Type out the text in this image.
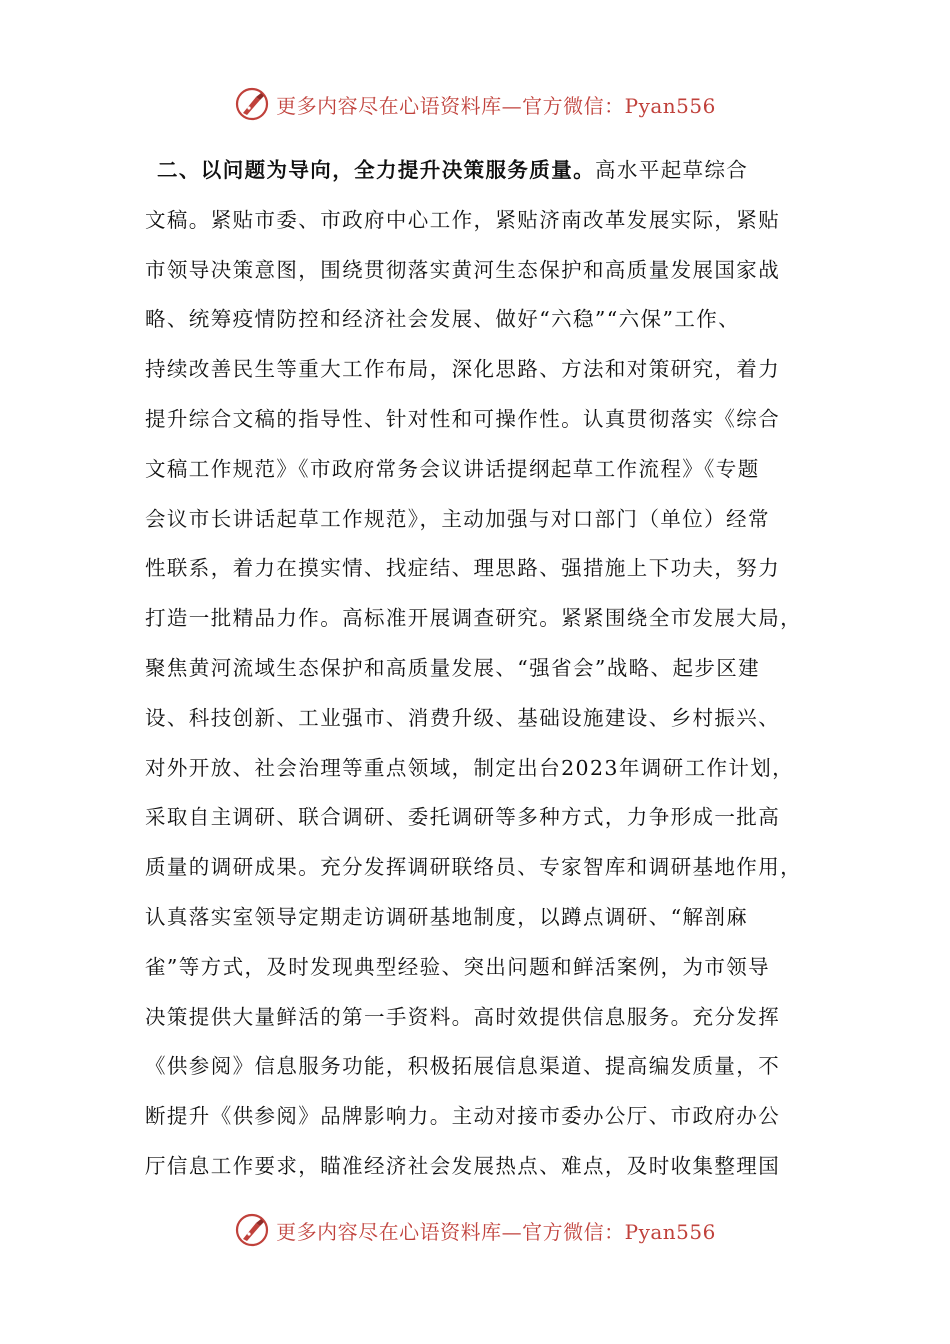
更多内容尽在心语资料库—官方微信：Pyan556
二、以问题为导向，全力提升决策服务质量。高水平起草综合
文稿。紧贴市委、市政府中心工作，紧贴济南改革发展实际，紧贴
市领导决策意图，围绕贯彻落实黄河生态保护和高质量发展国家战
略、统筹疫情防控和经济社会发展、做好“六稳”“六保”工作、
持续改善民生等重大工作布局，深化思路、方法和对策研究，着力
提升综合文稿的指导性、针对性和可操作性。认真贯彻落实《综合
文稿工作规范》《市政府常务会议讲话提纲起草工作流程》《专题
会议市长讲话起草工作规范》，主动加强与对口部门（单位）经常
性联系，着力在摸实情、找症结、理思路、强措施上下功夫，努力
打造一批精品力作。高标准开展调查研究。紧紧围绕全市发展大局，
聚焦黄河流域生态保护和高质量发展、“强省会”战略、起步区建
设、科技创新、工业强市、消费升级、基础设施建设、乡村振兴、
对外开放、社会治理等重点领域，制定出台2023年调研工作计划，
采取自主调研、联合调研、委托调研等多种方式，力争形成一批高
质量的调研成果。充分发挥调研联络员、专家智库和调研基地作用，
认真落实室领导定期走访调研基地制度，以蹲点调研、“解剖麻
雀”等方式，及时发现典型经验、突出问题和鲜活案例，为市领导
决策提供大量鲜活的第一手资料。高时效提供信息服务。充分发挥
《供参阅》信息服务功能，积极拓展信息渠道、提高编发质量，不
断提升《供参阅》品牌影响力。主动对接市委办公厅、市政府办公
厅信息工作要求，瞄准经济社会发展热点、难点，及时收集整理国
更多内容尽在心语资料库—官方微信：Pyan556
